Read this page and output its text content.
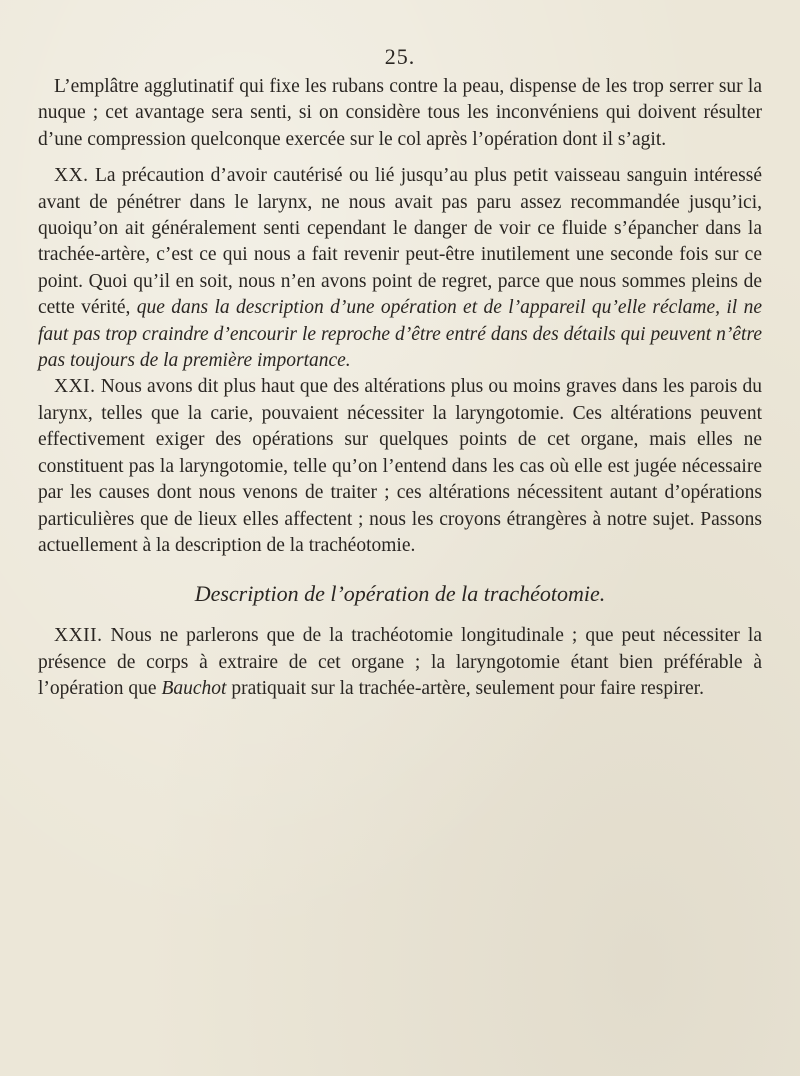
25.

L’emplâtre agglutinatif qui fixe les rubans contre la peau, dispense de les trop serrer sur la nuque ; cet avantage sera senti, si on considère tous les inconvéniens qui doivent résulter d’une compression quelconque exercée sur le col après l’opération dont il s’agit.

XX. La précaution d’avoir cautérisé ou lié jusqu’au plus petit vaisseau sanguin intéressé avant de pénétrer dans le larynx, ne nous avait pas paru assez recommandée jusqu’ici, quoiqu’on ait généralement senti cependant le danger de voir ce fluide s’épancher dans la trachée-artère, c’est ce qui nous a fait revenir peut-être inutilement une seconde fois sur ce point. Quoi qu’il en soit, nous n’en avons point de regret, parce que nous sommes pleins de cette vérité, que dans la description d’une opération et de l’appareil qu’elle réclame, il ne faut pas trop craindre d’encourir le reproche d’être entré dans des détails qui peuvent n’être pas toujours de la première importance.

XXI. Nous avons dit plus haut que des altérations plus ou moins graves dans les parois du larynx, telles que la carie, pouvaient nécessiter la laryngotomie. Ces altérations peuvent effectivement exiger des opérations sur quelques points de cet organe, mais elles ne constituent pas la laryngotomie, telle qu’on l’entend dans les cas où elle est jugée nécessaire par les causes dont nous venons de traiter ; ces altérations nécessitent autant d’opérations particulières que de lieux elles affectent ; nous les croyons étrangères à notre sujet. Passons actuellement à la description de la trachéotomie.

Description de l’opération de la trachéotomie.

XXII. Nous ne parlerons que de la trachéotomie longitudinale ; que peut nécessiter la présence de corps à extraire de cet organe ; la laryngotomie étant bien préférable à l’opération que Bauchot pratiquait sur la trachée-artère, seulement pour faire respirer.
